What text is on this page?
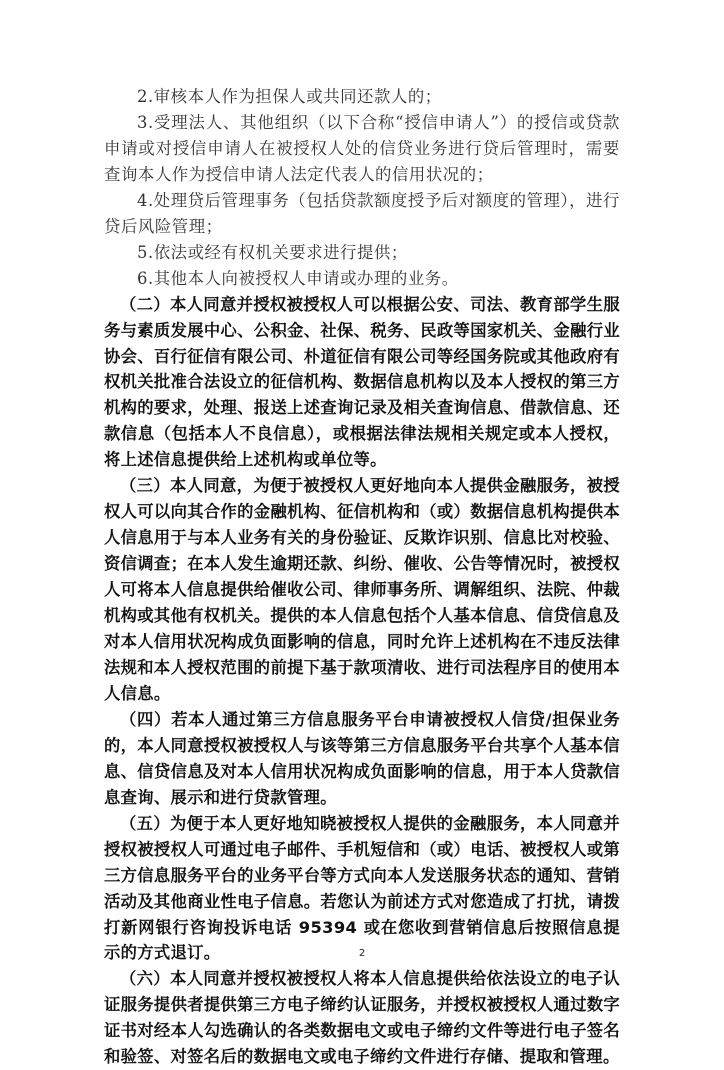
2.审核本人作为担保人或共同还款人的；

3.受理法人、其他组织（以下合称“授信申请人”）的授信或贷款申请或对授信申请人在被授权人处的信贷业务进行贷后管理时，需要查询本人作为授信申请人法定代表人的信用状况的；

4.处理贷后管理事务（包括贷款额度授予后对额度的管理），进行贷后风险管理；

5.依法或经有权机关要求进行提供；

6.其他本人向被授权人申请或办理的业务。

（二）本人同意并授权被授权人可以根据公安、司法、教育部学生服务与素质发展中心、公积金、社保、税务、民政等国家机关、金融行业协会、百行征信有限公司、朴道征信有限公司等经国务院或其他政府有权机关批准合法设立的征信机构、数据信息机构以及本人授权的第三方机构的要求，处理、报送上述查询记录及相关查询信息、借款信息、还款信息（包括本人不良信息），或根据法律法规相关规定或本人授权，将上述信息提供给上述机构或单位等。

（三）本人同意，为便于被授权人更好地向本人提供金融服务，被授权人可以向其合作的金融机构、征信机构和（或）数据信息机构提供本人信息用于与本人业务有关的身份验证、反欺诈识别、信息比对校验、资信调查；在本人发生逾期还款、纠纷、催收、公告等情况时，被授权人可将本人信息提供给催收公司、律师事务所、调解组织、法院、仲裁机构或其他有权机关。提供的本人信息包括个人基本信息、信贷信息及对本人信用状况构成负面影响的信息，同时允许上述机构在不违反法律法规和本人授权范围的前提下基于款项清收、进行司法程序目的使用本人信息。

（四）若本人通过第三方信息服务平台申请被授权人信贷/担保业务的，本人同意授权被授权人与该等第三方信息服务平台共享个人基本信息、信贷信息及对本人信用状况构成负面影响的信息，用于本人贷款信息查询、展示和进行贷款管理。

（五）为便于本人更好地知晓被授权人提供的金融服务，本人同意并授权被授权人可通过电子邮件、手机短信和（或）电话、被授权人或第三方信息服务平台的业务平台等方式向本人发送服务状态的通知、营销活动及其他商业性电子信息。若您认为前述方式对您造成了打扰，请拨打新网银行咨询投诉电话 95394 或在您收到营销信息后按照信息提示的方式退订。

（六）本人同意并授权被授权人将本人信息提供给依法设立的电子认证服务提供者提供第三方电子缔约认证服务，并授权被授权人通过数字证书对经本人勾选确认的各类数据电文或电子缔约文件等进行电子签名和验签、对签名后的数据电文或电子缔约文件进行存储、提取和管理。

2
